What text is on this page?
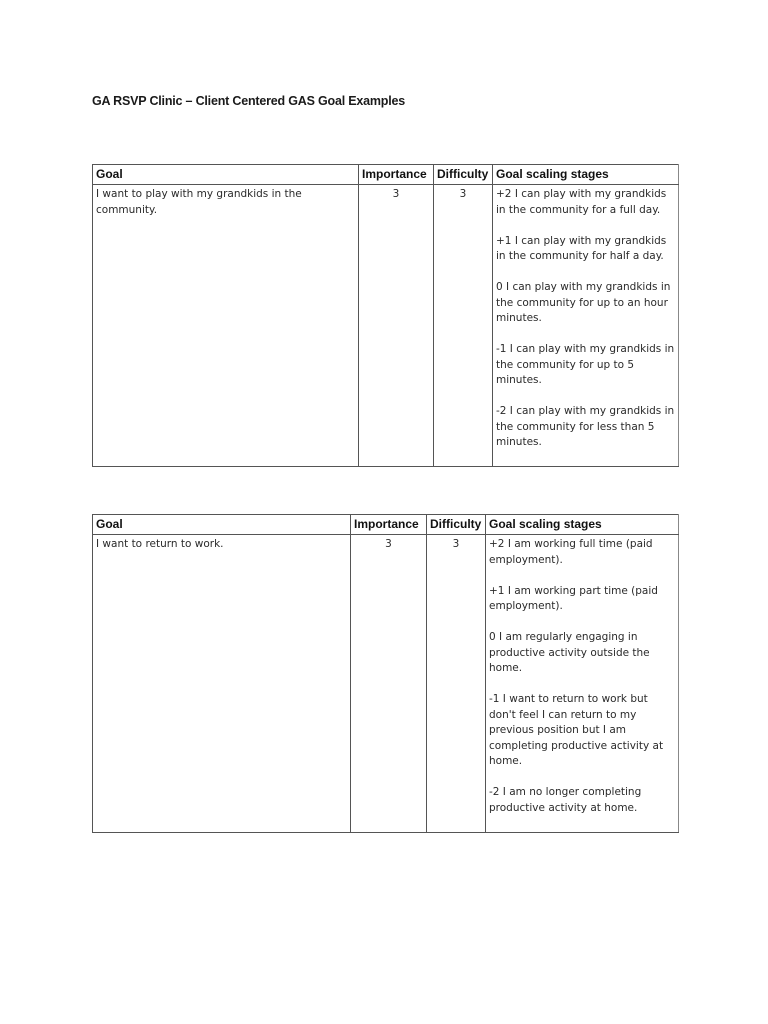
GA RSVP Clinic – Client Centered GAS Goal Examples
Goal	Importance	Difficulty	Goal scaling stages
I want to play with my grandkids in the community.	3	3	+2 I can play with my grandkids in the community for a full day.
+1 I can play with my grandkids in the community for half a day.
0 I can play with my grandkids in the community for up to an hour minutes.
-1 I can play with my grandkids in the community for up to 5 minutes.
-2 I can play with my grandkids in the community for less than 5 minutes.
Goal	Importance	Difficulty	Goal scaling stages
I want to return to work.	3	3	+2 I am working full time (paid employment).
+1 I am working part time (paid employment).
0 I am regularly engaging in productive activity outside the home.
-1 I want to return to work but don't feel I can return to my previous position but I am completing productive activity at home.
-2 I am no longer completing productive activity at home.
